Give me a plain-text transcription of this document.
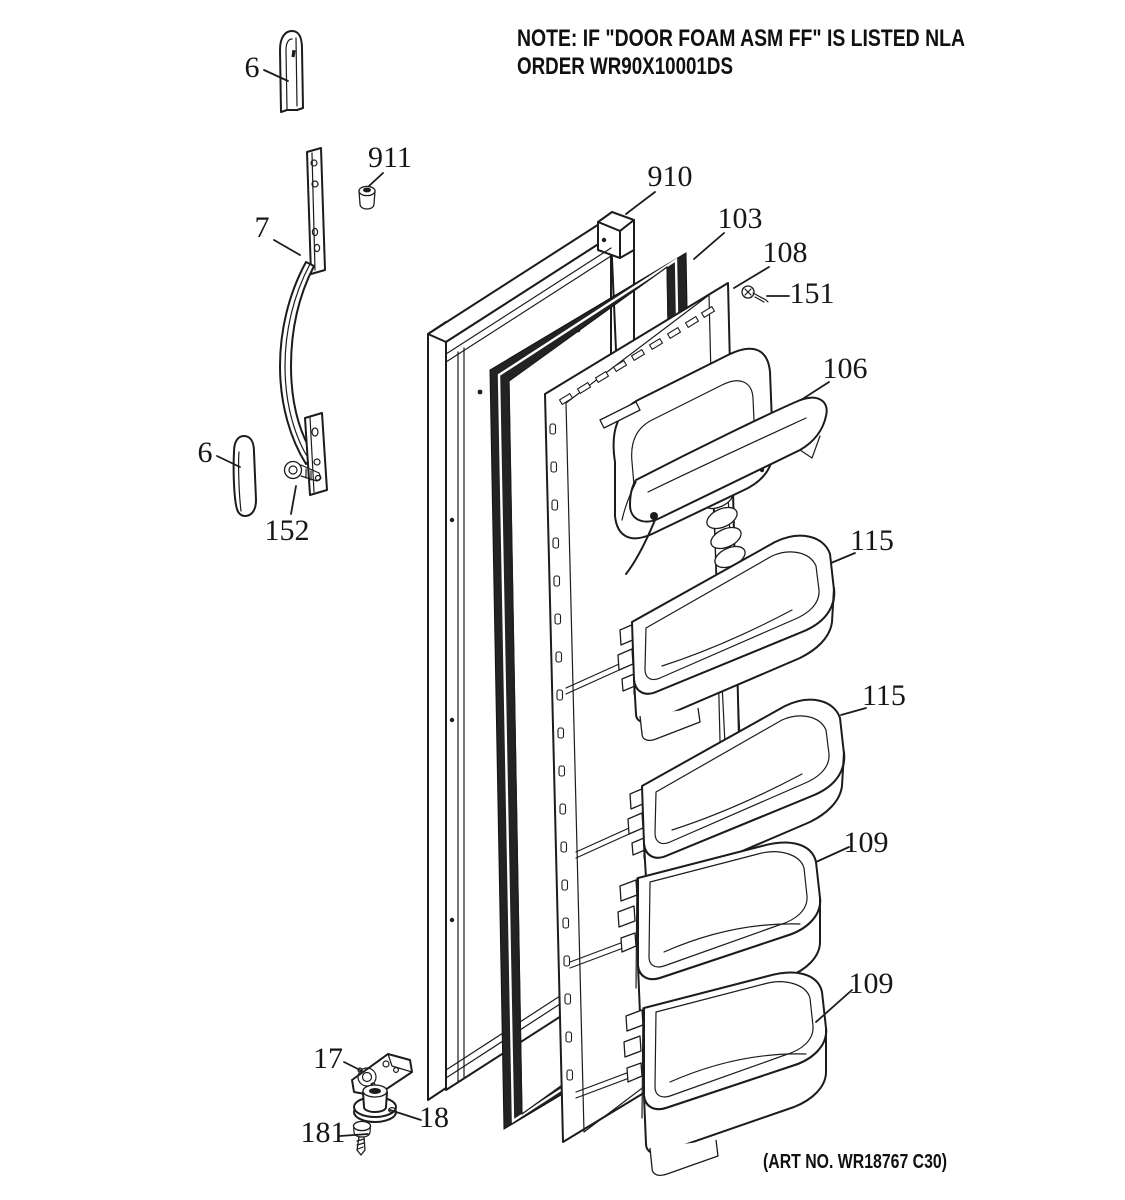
6
911
7
910
103
108
151
106
115
115
6
152
109
109
17
18
181
NOTE: IF "DOOR FOAM ASM FF" IS LISTED NLA
ORDER WR90X10001DS
(ART NO. WR18767 C30)
